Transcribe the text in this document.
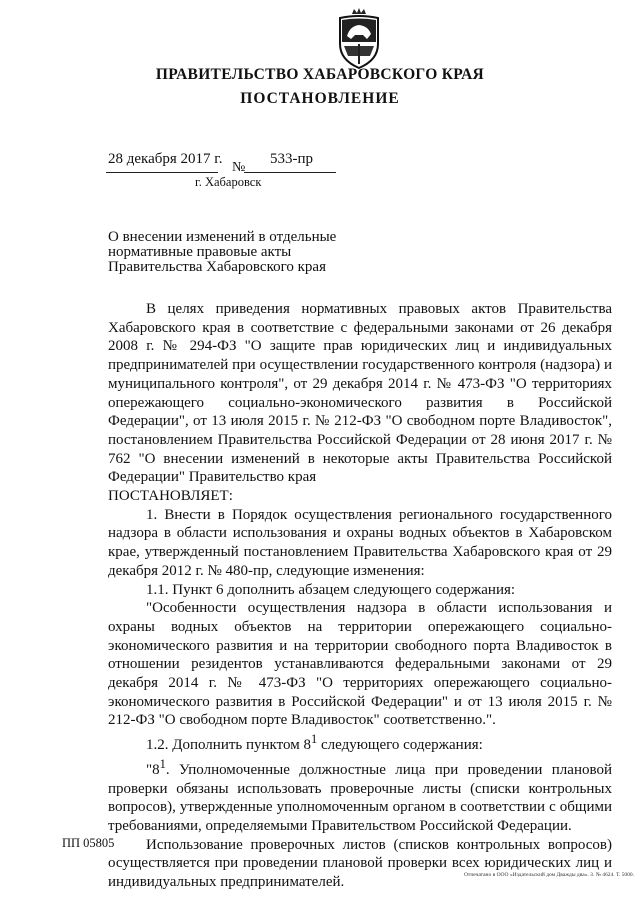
ПРАВИТЕЛЬСТВО ХАБАРОВСКОГО КРАЯ
ПОСТАНОВЛЕНИЕ
28 декабря 2017 г.
№
533-пр
г. Хабаровск
О внесении изменений в отдельные нормативные правовые акты Правительства Хабаровского края

В целях приведения нормативных правовых актов Правительства Хабаровского края в соответствие с федеральными законами от 26 декабря 2008 г. № 294-ФЗ "О защите прав юридических лиц и индивидуальных предпринимателей при осуществлении государственного контроля (надзора) и муниципального контроля", от 29 декабря 2014 г. № 473-ФЗ "О территориях опережающего социально-экономического развития в Российской Федерации", от 13 июля 2015 г. № 212-ФЗ "О свободном порте Владивосток", постановлением Правительства Российской Федерации от 28 июня 2017 г. № 762 "О внесении изменений в некоторые акты Правительства Российской Федерации" Правительство края

ПОСТАНОВЛЯЕТ:

1. Внести в Порядок осуществления регионального государственного надзора в области использования и охраны водных объектов в Хабаровском крае, утвержденный постановлением Правительства Хабаровского края от 29 декабря 2012 г. № 480-пр, следующие изменения:

1.1. Пункт 6 дополнить абзацем следующего содержания:

"Особенности осуществления надзора в области использования и охраны водных объектов на территории опережающего социально-экономического развития и на территории свободного порта Владивосток в отношении резидентов устанавливаются федеральными законами от 29 декабря 2014 г. № 473-ФЗ "О территориях опережающего социально-экономического развития в Российской Федерации" и от 13 июля 2015 г. № 212-ФЗ "О свободном порте Владивосток" соответственно.".

1.2. Дополнить пунктом $8^1$ следующего содержания:

"$8^1$. Уполномоченные должностные лица при проведении плановой проверки обязаны использовать проверочные листы (списки контрольных вопросов), утвержденные уполномоченным органом в соответствии с общими требованиями, определяемыми Правительством Российской Федерации.

Использование проверочных листов (списков контрольных вопросов) осуществляется при проведении плановой проверки всех юридических лиц и индивидуальных предпринимателей.

ПП 05805
Отпечатано в ООО «Издательский дом Дважды два». З. № 4624. Т. 5000.
